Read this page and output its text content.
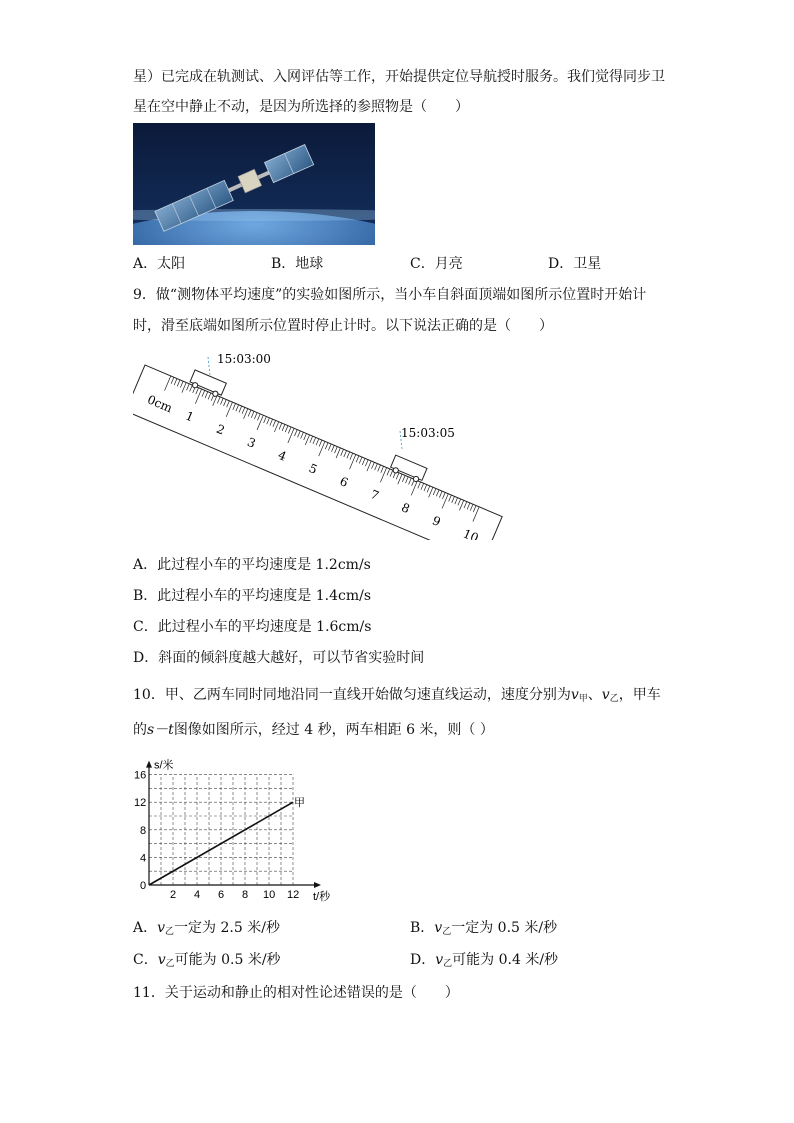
星）已完成在轨测试、入网评估等工作，开始提供定位导航授时服务。我们觉得同步卫
星在空中静止不动，是因为所选择的参照物是（　　）
A．太阳	B．地球	C．月亮	D．卫星
9．做“测物体平均速度”的实验如图所示，当小车自斜面顶端如图所示位置时开始计
时，滑至底端如图所示位置时停止计时。以下说法正确的是（　　）
0cm
1
2
3
4
5
6
7
8
9
10
15:03:00
15:03:05
A．此过程小车的平均速度是 1.2cm/s
B．此过程小车的平均速度是 1.4cm/s
C．此过程小车的平均速度是 1.6cm/s
D．斜面的倾斜度越大越好，可以节省实验时间
10．甲、乙两车同时同地沿同一直线开始做匀速直线运动，速度分别为$v_甲$、$v_乙$，甲车
的s－t图像如图所示，经过 4 秒，两车相距 6 米，则（ ）
2 4 6 8 10 12
4
8
12
16
0
s/米
t/秒
甲
A．$v_乙$一定为 2.5 米/秒	B．$v_乙$一定为 0.5 米/秒
C．$v_乙$可能为 0.5 米/秒	D．$v_乙$可能为 0.4 米/秒
11．关于运动和静止的相对性论述错误的是（　　）
